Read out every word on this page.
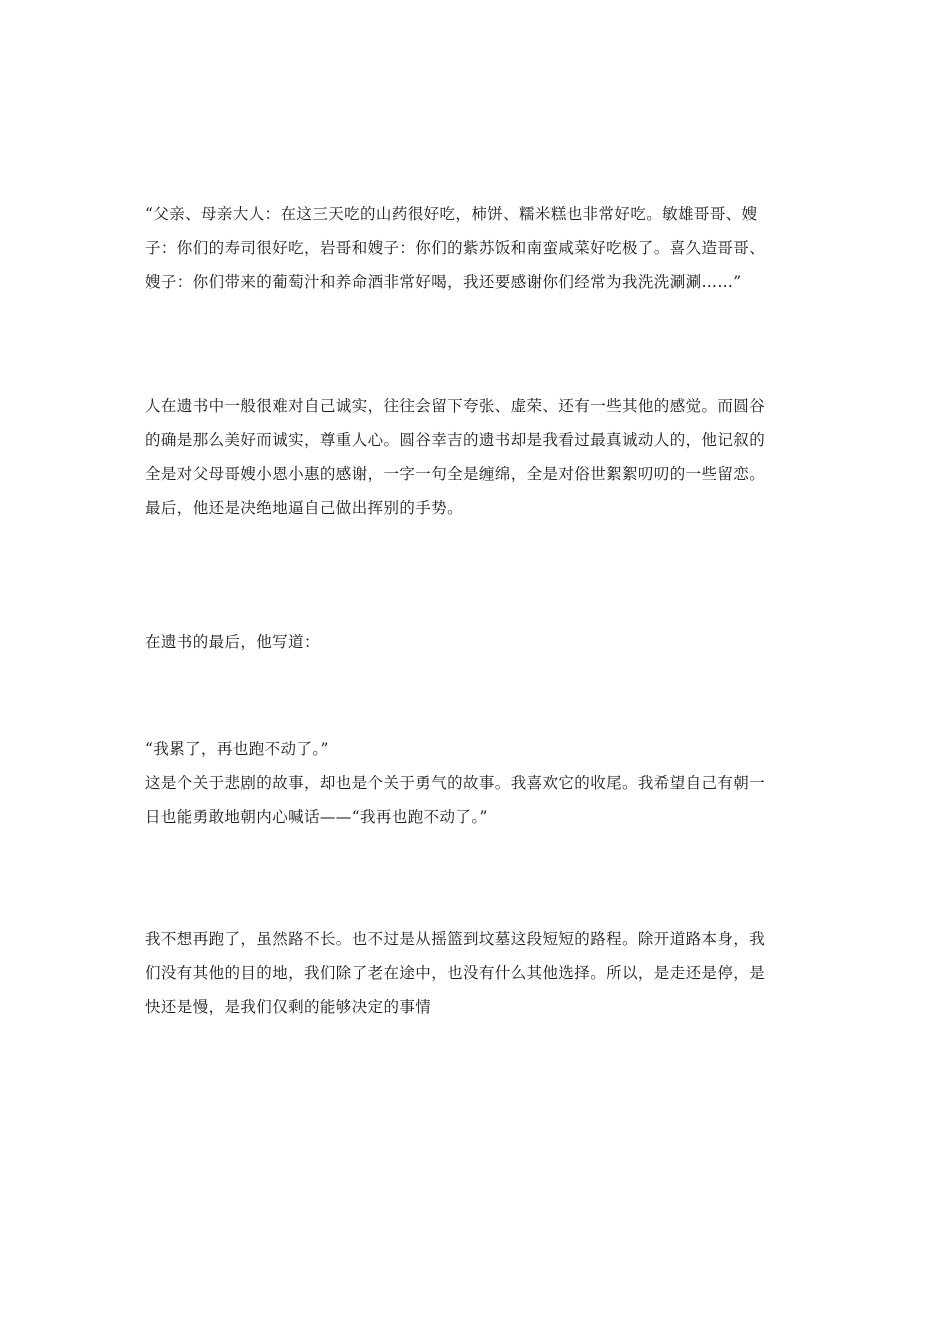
“父亲、母亲大人：在这三天吃的山药很好吃，柿饼、糯米糕也非常好吃。敏雄哥哥、嫂
子：你们的寿司很好吃，岩哥和嫂子：你们的紫苏饭和南蛮咸菜好吃极了。喜久造哥哥、
嫂子：你们带来的葡萄汁和养命酒非常好喝，我还要感谢你们经常为我洗洗涮涮……”

人在遗书中一般很难对自己诚实，往往会留下夸张、虚荣、还有一些其他的感觉。而圆谷
的确是那么美好而诚实，尊重人心。圆谷幸吉的遗书却是我看过最真诚动人的，他记叙的
全是对父母哥嫂小恩小惠的感谢，一字一句全是缠绵，全是对俗世絮絮叨叨的一些留恋。
最后，他还是决绝地逼自己做出挥别的手势。

在遗书的最后，他写道：

“我累了，再也跑不动了。”
这是个关于悲剧的故事，却也是个关于勇气的故事。我喜欢它的收尾。我希望自己有朝一
日也能勇敢地朝内心喊话——“我再也跑不动了。”

我不想再跑了，虽然路不长。也不过是从摇篮到坟墓这段短短的路程。除开道路本身，我
们没有其他的目的地，我们除了老在途中，也没有什么其他选择。所以，是走还是停，是
快还是慢，是我们仅剩的能够决定的事情
